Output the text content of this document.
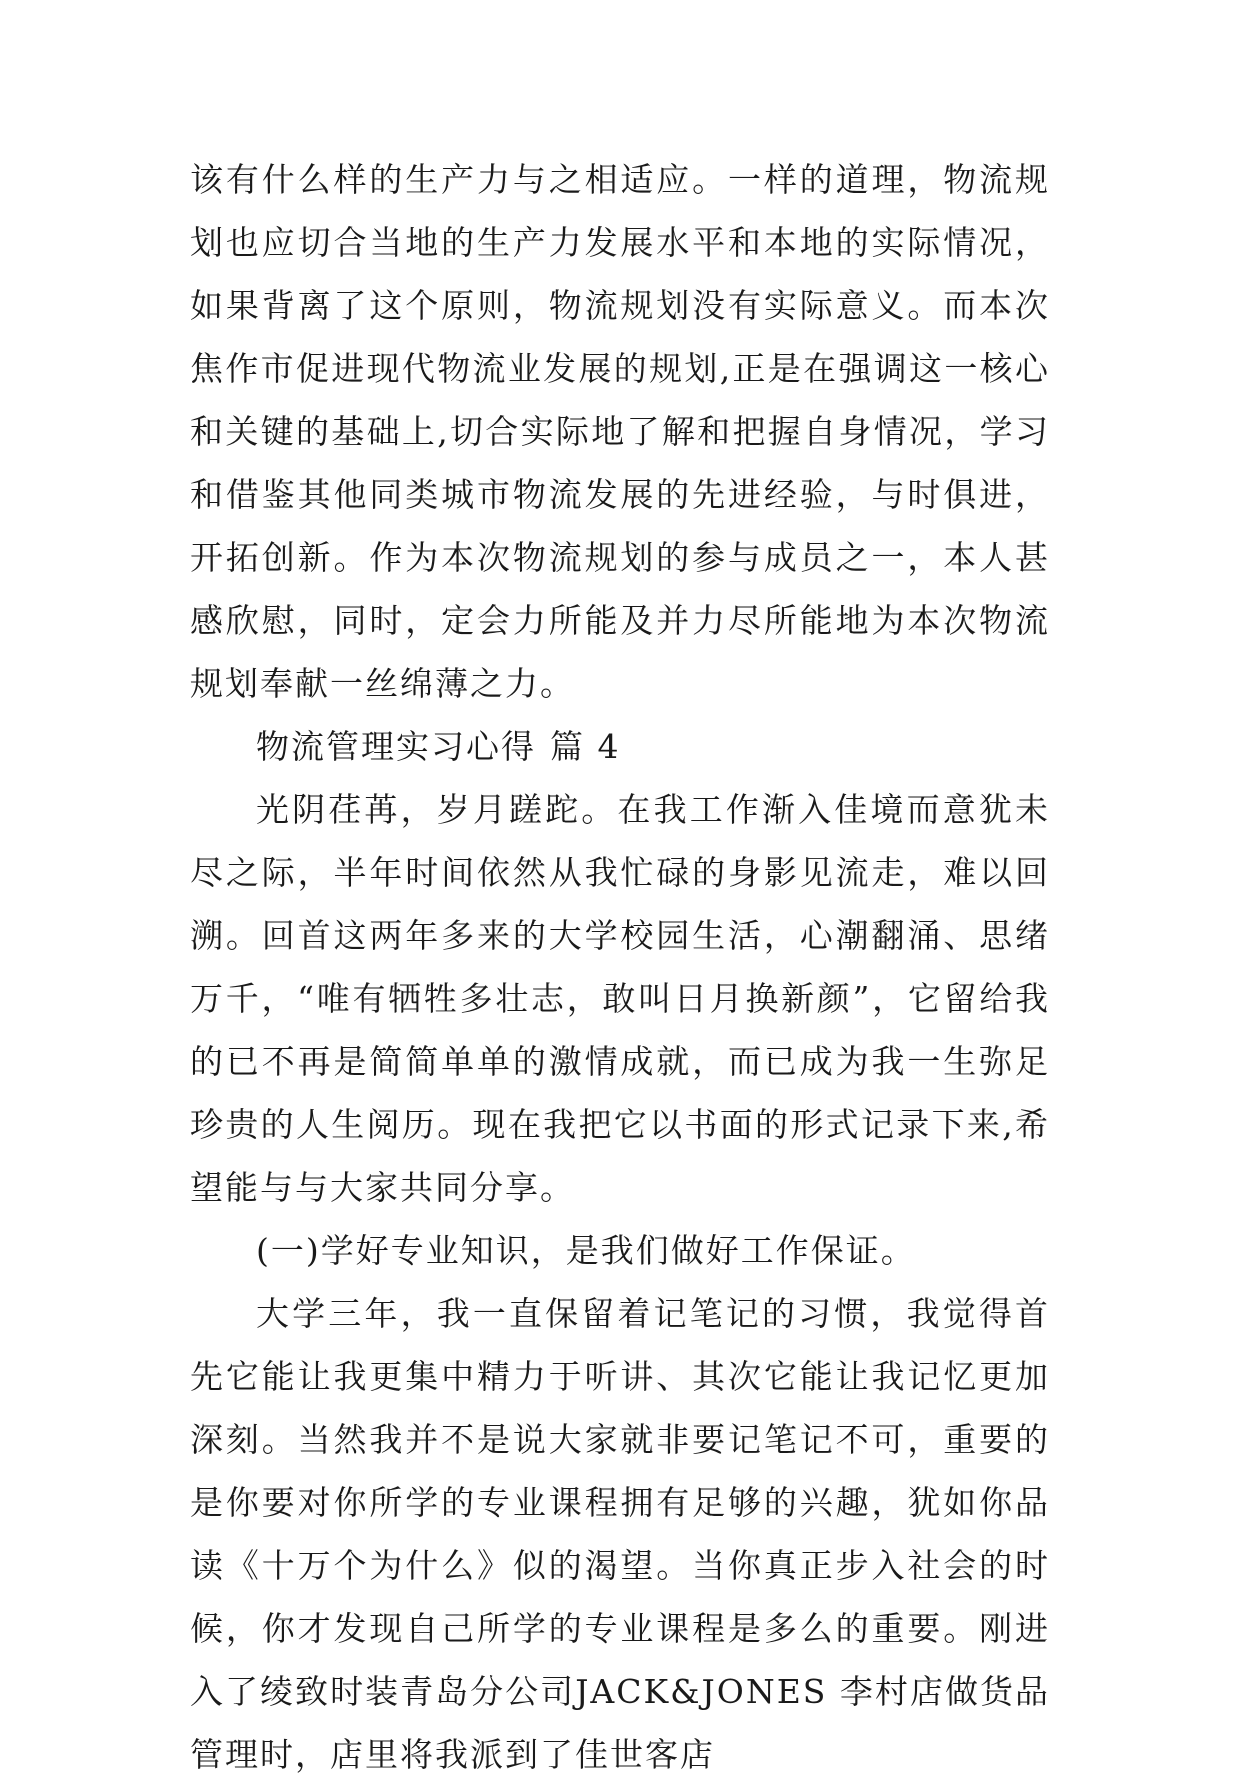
该有什么样的生产力与之相适应。一样的道理，物流规划也应切合当地的生产力发展水平和本地的实际情况，如果背离了这个原则，物流规划没有实际意义。而本次焦作市促进现代物流业发展的规划,正是在强调这一核心和关键的基础上,切合实际地了解和把握自身情况，学习和借鉴其他同类城市物流发展的先进经验，与时俱进，开拓创新。作为本次物流规划的参与成员之一，本人甚感欣慰，同时，定会力所能及并力尽所能地为本次物流规划奉献一丝绵薄之力。

物流管理实习心得 篇 4

光阴荏苒，岁月蹉跎。在我工作渐入佳境而意犹未尽之际，半年时间依然从我忙碌的身影见流走，难以回溯。回首这两年多来的大学校园生活，心潮翻涌、思绪万千，“唯有牺牲多壮志，敢叫日月换新颜”，它留给我的已不再是简简单单的激情成就，而已成为我一生弥足珍贵的人生阅历。现在我把它以书面的形式记录下来,希望能与与大家共同分享。

(一)学好专业知识，是我们做好工作保证。

大学三年，我一直保留着记笔记的习惯，我觉得首先它能让我更集中精力于听讲、其次它能让我记忆更加深刻。当然我并不是说大家就非要记笔记不可，重要的是你要对你所学的专业课程拥有足够的兴趣，犹如你品读《十万个为什么》似的渴望。当你真正步入社会的时候，你才发现自己所学的专业课程是多么的重要。刚进入了绫致时装青岛分公司JACK&JONES 李村店做货品管理时，店里将我派到了佳世客店
